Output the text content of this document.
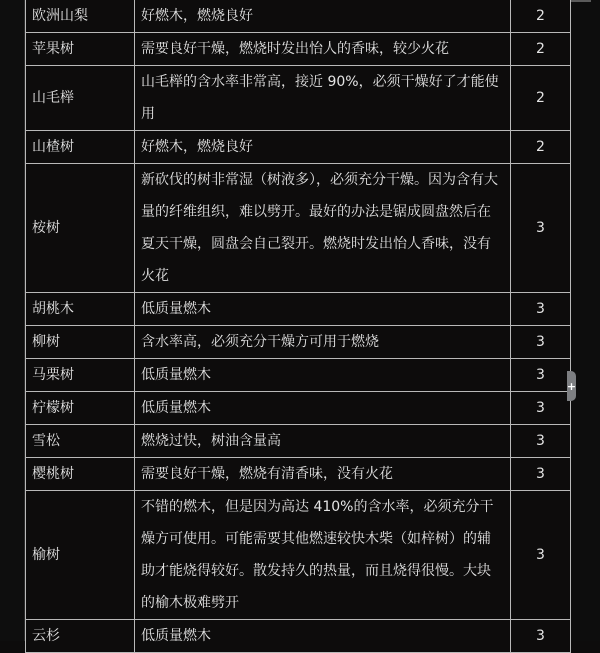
欧洲山梨	好燃木，燃烧良好	2
苹果树	需要良好干燥，燃烧时发出怡人的香味，较少火花	2
山毛榉	山毛榉的含水率非常高，接近 90%，必须干燥好了才能使用	2
山楂树	好燃木，燃烧良好	2
桉树	新砍伐的树非常湿（树液多），必须充分干燥。因为含有大量的纤维组织，难以劈开。最好的办法是锯成圆盘然后在夏天干燥，圆盘会自己裂开。燃烧时发出怡人香味，没有火花	3
胡桃木	低质量燃木	3
柳树	含水率高，必须充分干燥方可用于燃烧	3
马栗树	低质量燃木	3
柠檬树	低质量燃木	3
雪松	燃烧过快，树油含量高	3
樱桃树	需要良好干燥，燃烧有清香味，没有火花	3
榆树	不错的燃木，但是因为高达 410%的含水率，必须充分干燥方可使用。可能需要其他燃速较快木柴（如梓树）的辅助才能烧得较好。散发持久的热量，而且烧得很慢。大块的榆木极难劈开	3
云杉	低质量燃木	3
+
